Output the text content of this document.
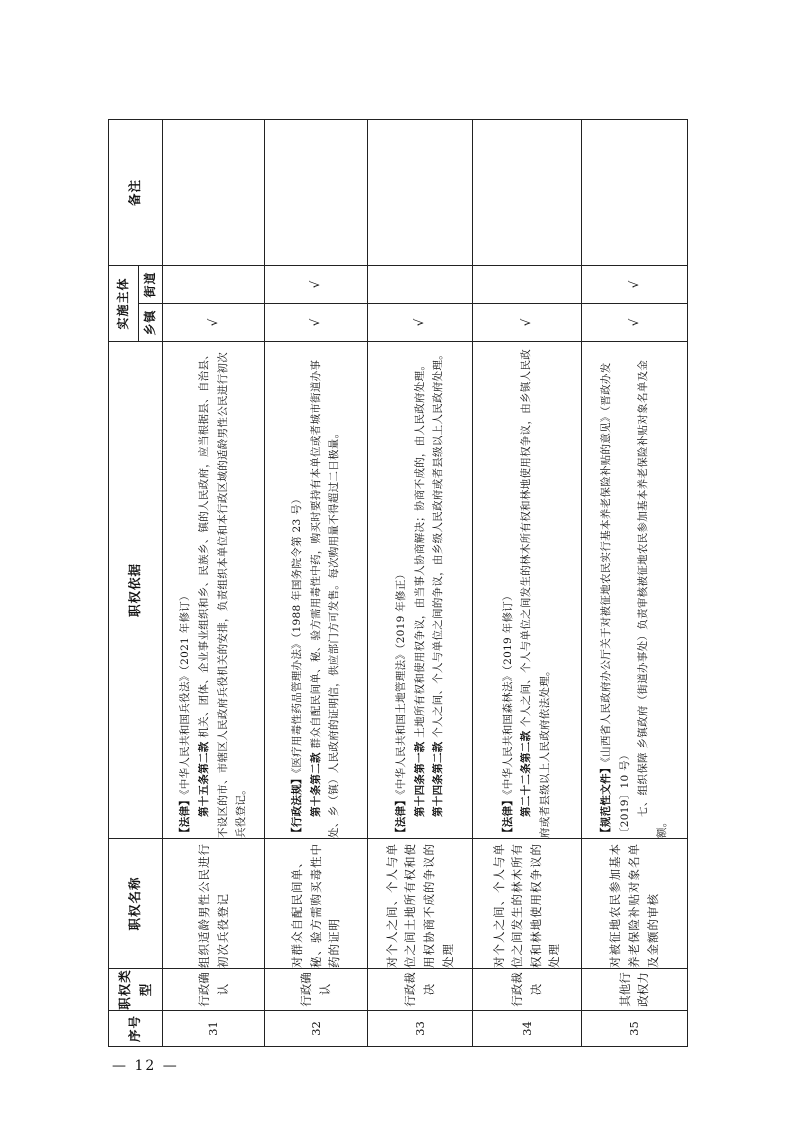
序号	职权类型	职权名称	职权依据	实施主体		备注
				乡镇	街道	
31	行政确认	组织适龄男性公民进行初次兵役登记	【法律】《中华人民共和国兵役法》（2021 年修订） 第十五条第二款 机关、团体、企业事业组织和乡、民族乡、镇的人民政府，应当根据县、自治县、不设区的市、市辖区人民政府兵役机关的安排，负责组织本单位和本行政区域的适龄男性公民进行初次兵役登记。	√		
32	行政确认	对群众自配民间单、秘、验方需购买毒性中药的证明	【行政法规】《医疗用毒性药品管理办法》（1988 年国务院令第 23 号）
第十条第二款 群众自配民间单、秘、验方需用毒性中药，购买时要持有本单位或者城市街道办事处、乡（镇）人民政府的证明信，供应部门方可发售。每次购用量不得超过二日极量。	√	√	
33	行政裁决	对个人之间、个人与单位之间土地所有权和使用权协商不成的争议的处理	【法律】《中华人民共和国土地管理法》（2019 年修正） 第十四条第一款 土地所有权和使用权争议，由当事人协商解决；协商不成的，由人民政府处理。
第十四条第二款 个人之间、个人与单位之间的争议，由乡级人民政府或者县级以上人民政府处理。	√		
34	行政裁决	对个人之间、个人与单位之间发生的林木所有权和林地使用权争议的处理	【法律】《中华人民共和国森林法》（2019 年修订） 第二十二条第二款 个人之间、个人与单位之间发生的林木所有权和林地使用权争议，由乡镇人民政府或者县级以上人民政府依法处理。	√		
35	其他行政权力	对被征地农民参加基本养老保险补贴对象名单及金额的审核	【规范性文件】《山西省人民政府办公厅关于对被征地农民实行基本养老保险补贴的意见》（晋政办发〔2019〕10 号） 七、组织保障 乡镇政府（街道办事处）负责审核被征地农民参加基本养老保险补贴对象名单及金额。	√	√	
— 12 —
